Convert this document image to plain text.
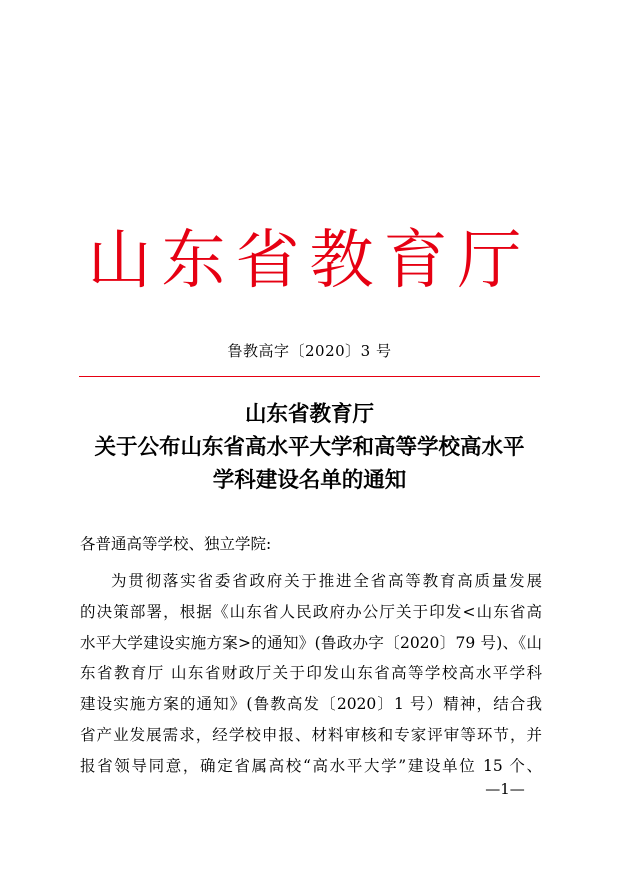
山东省教育厅
鲁教高字〔2020〕3 号
山东省教育厅
关于公布山东省高水平大学和高等学校高水平
学科建设名单的通知
各普通高等学校、独立学院:
为贯彻落实省委省政府关于推进全省高等教育高质量发展
的决策部署，根据《山东省人民政府办公厅关于印发<山东省高
水平大学建设实施方案>的通知》(鲁政办字〔2020〕79 号)、《山
东省教育厅 山东省财政厅关于印发山东省高等学校高水平学科
建设实施方案的通知》(鲁教高发〔2020〕1 号）精神，结合我
省产业发展需求，经学校申报、材料审核和专家评审等环节，并
报省领导同意，确定省属高校“高水平大学”建设单位 15 个、
—1—
